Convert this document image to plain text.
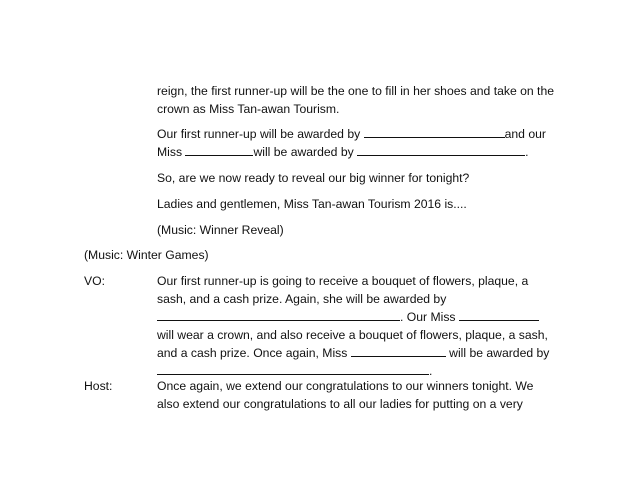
reign, the first runner-up will be the one to fill in her shoes and take on the crown as Miss Tan-awan Tourism.
Our first runner-up will be awarded by	and our
Miss	will be awarded by	.
So, are we now ready to reveal our big winner for tonight?
Ladies and gentlemen, Miss Tan-awan Tourism 2016 is....
(Music: Winner Reveal)
(Music: Winter Games)
VO:	Our first runner-up is going to receive a bouquet of flowers, plaque, a
sash, and a cash prize. Again, she will be awarded by
. Our Miss
will wear a crown, and also receive a bouquet of flowers, plaque, a sash,
and a cash prize. Once again, Miss	will be awarded by
.
Host:	Once again, we extend our congratulations to our winners tonight. We
also extend our congratulations to all our ladies for putting on a very
